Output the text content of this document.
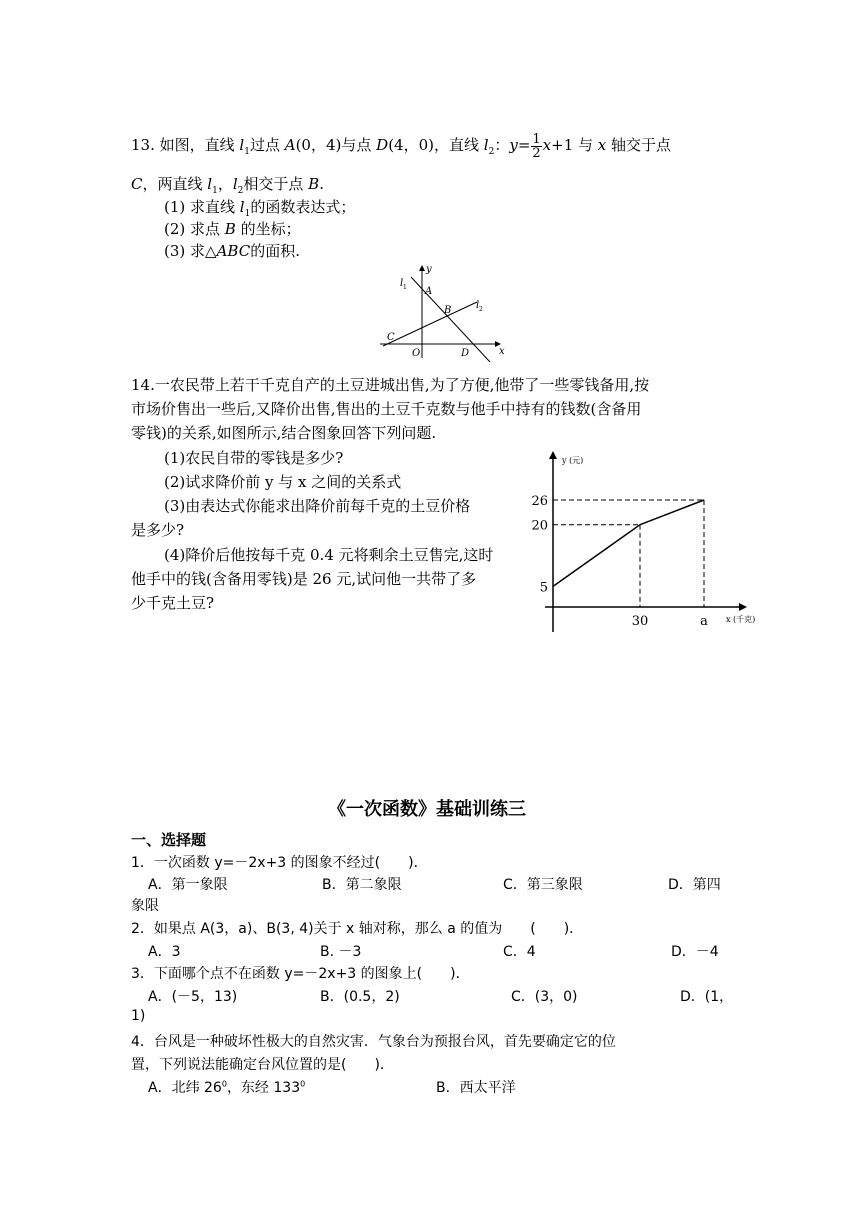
13. 如图，直线 $l_1$过点 A(0，4)与点 D(4，0)，直线 $l_2$：$y= \frac{1}{2} x+1$ 与 x 轴交于点
C，两直线 $l_1$，$l_2$相交于点 B.
(1) 求直线 $l_1$的函数表达式；
(2) 求点 B 的坐标；
(3) 求△ABC的面积.
y
l 1 A
B l 2
C
O	D	x
14.一农民带上若干千克自产的土豆进城出售,为了方便,他带了一些零钱备用,按
市场价售出一些后,又降价出售,售出的土豆千克数与他手中持有的钱数(含备用
零钱)的关系,如图所示,结合图象回答下列问题.
(1)农民自带的零钱是多少?
(2)试求降价前 y 与 x 之间的关系式
(3)由表达式你能求出降价前每千克的土豆价格
是多少?
(4)降价后他按每千克 0.4 元将剩余土豆售完,这时
他手中的钱(含备用零钱)是 26 元,试问他一共带了多
少千克土豆?
y (元)
x (千克)
26
20
5
30	a
《一次函数》基础训练三
一、选择题
1．一次函数 y=－2x+3 的图象不经过(　　)．
A．第一象限	B．第二象限	C．第三象限	D．第四
象限
2．如果点 A(3，a)、B(3, 4)关于 x 轴对称，那么 a 的值为　　(　　)．
A．3	B. －3	C．4	D．－4
3．下面哪个点不在函数 y=－2x+3 的图象上(　　)．
A．(－5，13)	B．(0.5，2)	C．(3，0)	D．(1，
1)
4．台风是一种破坏性极大的自然灾害．气象台为预报台风，首先要确定它的位
置，下列说法能确定台风位置的是(　　)．
A．北纬 $26^0$，东经 $133^0$	B．西太平洋
